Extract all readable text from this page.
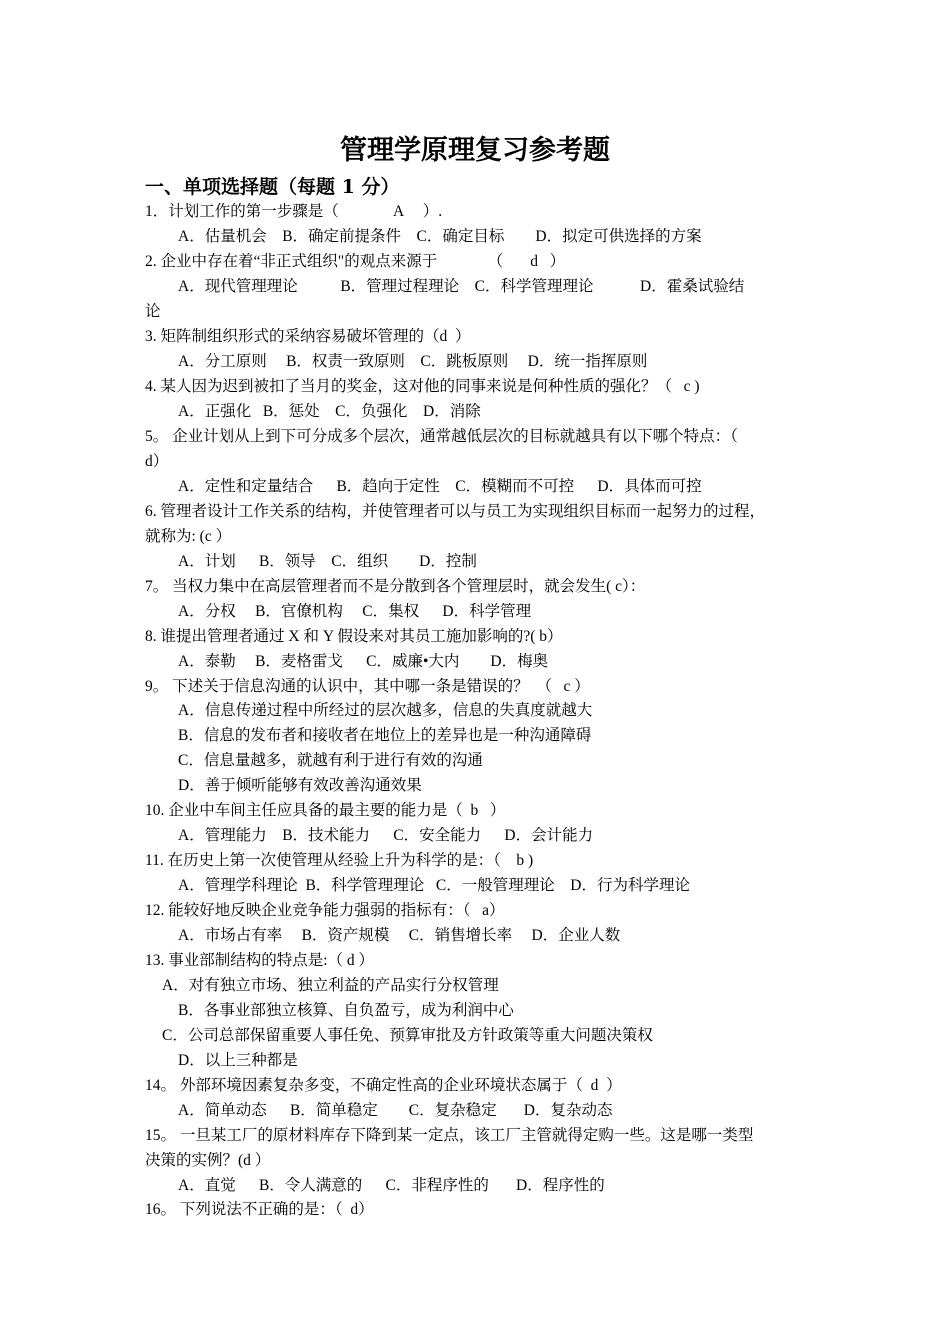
管理学原理复习参考题
一、单项选择题（每题 1 分）
1．计划工作的第一步骤是（              A     ）.
A．估量机会    B．确定前提条件    C．确定目标        D．拟定可供选择的方案
2. 企业中存在着“非正式组织"的观点来源于             （       d   ）
A．现代管理理论           B．管理过程理论    C．科学管理理论            D．霍桑试验结
论
3. 矩阵制组织形式的采纳容易破坏管理的（d  ）
A．分工原则     B．权责一致原则    C．跳板原则     D．统一指挥原则
4. 某人因为迟到被扣了当月的奖金，这对他的同事来说是何种性质的强化？（   c )
A．正强化   B．惩处    C．负强化    D．消除
5。 企业计划从上到下可分成多个层次，通常越低层次的目标就越具有以下哪个特点：（
d）
A．定性和定量结合      B．趋向于定性    C．模糊而不可控      D．具体而可控
6. 管理者设计工作关系的结构，并使管理者可以与员工为实现组织目标而一起努力的过程，
就称为: (c ）
A．计划      B．领导    C．组织        D．控制
7。 当权力集中在高层管理者而不是分散到各个管理层时，就会发生( c）：
A．分权     B．官僚机构     C．集权      D．科学管理
8. 谁提出管理者通过 X 和 Y 假设来对其员工施加影响的?( b）
A．泰勒     B．麦格雷戈      C．威廉•大内        D．梅奥
9。 下述关于信息沟通的认识中，其中哪一条是错误的？  （   c ）
A．信息传递过程中所经过的层次越多，信息的失真度就越大
B．信息的发布者和接收者在地位上的差异也是一种沟通障碍
C．信息量越多，就越有利于进行有效的沟通
D．善于倾听能够有效改善沟通效果
10. 企业中车间主任应具备的最主要的能力是（  b   ）
A．管理能力    B．技术能力      C．安全能力      D．会计能力
11. 在历史上第一次使管理从经验上升为科学的是：（    b )
A．管理学科理论  B．科学管理理论   C．一般管理理论    D．行为科学理论
12. 能较好地反映企业竞争能力强弱的指标有：（   a）
A．市场占有率     B．资产规模     C．销售增长率     D．企业人数
13. 事业部制结构的特点是:（ d ）
A．对有独立市场、独立利益的产品实行分权管理
B．各事业部独立核算、自负盈亏，成为利润中心
C．公司总部保留重要人事任免、预算审批及方针政策等重大问题决策权
D．以上三种都是
14。 外部环境因素复杂多变，不确定性高的企业环境状态属于（  d  ）
A．简单动态      B．简单稳定        C．复杂稳定       D．复杂动态
15。 一旦某工厂的原材料库存下降到某一定点，该工厂主管就得定购一些。这是哪一类型
决策的实例？(d ）
A．直觉      B．令人满意的      C．非程序性的       D．程序性的
16。 下列说法不正确的是：（  d）
